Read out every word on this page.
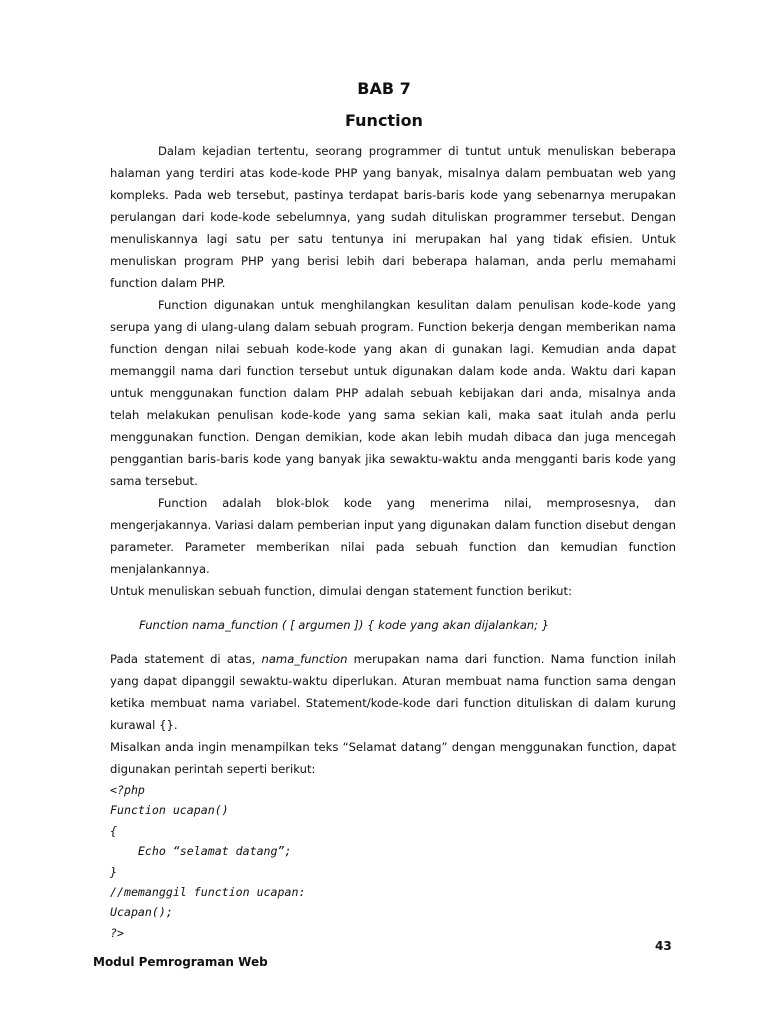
BAB 7
Function

Dalam kejadian tertentu, seorang programmer di tuntut untuk menuliskan beberapa halaman yang terdiri atas kode-kode PHP yang banyak, misalnya dalam pembuatan web yang kompleks. Pada web tersebut, pastinya terdapat baris-baris kode yang sebenarnya merupakan perulangan dari kode-kode sebelumnya, yang sudah dituliskan programmer tersebut. Dengan menuliskannya lagi satu per satu tentunya ini merupakan hal yang tidak efisien. Untuk menuliskan program PHP yang berisi lebih dari beberapa halaman, anda perlu memahami function dalam PHP.

Function digunakan untuk menghilangkan kesulitan dalam penulisan kode-kode yang serupa yang di ulang-ulang dalam sebuah program. Function bekerja dengan memberikan nama function dengan nilai sebuah kode-kode yang akan di gunakan lagi. Kemudian anda dapat memanggil nama dari function tersebut untuk digunakan dalam kode anda. Waktu dari kapan untuk menggunakan function dalam PHP adalah sebuah kebijakan dari anda, misalnya anda telah melakukan penulisan kode-kode yang sama sekian kali, maka saat itulah anda perlu menggunakan function. Dengan demikian, kode akan lebih mudah dibaca dan juga mencegah penggantian baris-baris kode yang banyak jika sewaktu-waktu anda mengganti baris kode yang sama tersebut.

Function adalah blok-blok kode yang menerima nilai, memprosesnya, dan mengerjakannya. Variasi dalam pemberian input yang digunakan dalam function disebut dengan parameter. Parameter memberikan nilai pada sebuah function dan kemudian function menjalankannya.

Untuk menuliskan sebuah function, dimulai dengan statement function berikut:

Function nama_function ( [ argumen ]) { kode yang akan dijalankan; }

Pada statement di atas, nama_function merupakan nama dari function. Nama function inilah yang dapat dipanggil sewaktu-waktu diperlukan. Aturan membuat nama function sama dengan ketika membuat nama variabel. Statement/kode-kode dari function dituliskan di dalam kurung kurawal {}.

Misalkan anda ingin menampilkan teks “Selamat datang” dengan menggunakan function, dapat digunakan perintah seperti berikut:

<?php
Function ucapan()
{
Echo “selamat datang”;
}
//memanggil function ucapan:
Ucapan();
?>
43
Modul Pemrograman Web
